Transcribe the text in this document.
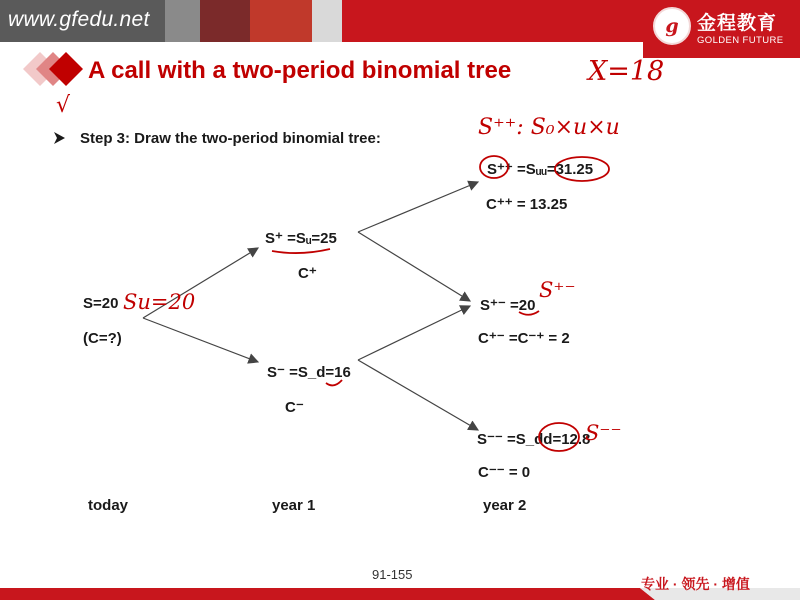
www.gfedu.net	g 金程教育
GOLDEN FUTURE
A call with a two-period binomial tree
Step 3: Draw the two-period binomial tree:
S=20
(C=?)
S⁺ =Sᵤ=25
C⁺
S⁻ =S_d=16
C⁻
S⁺⁺ =Sᵤᵤ=31.25
C⁺⁺ = 13.25
S⁺⁻ =20
C⁺⁻ =C⁻⁺ = 2
S⁻⁻ =S_dd=12.8
C⁻⁻ = 0
today	year 1	year 2
X=18
S⁺⁺: S₀×u×u
Su=20	S⁺⁻
S⁻⁻
√
91-155
专业 · 领先 · 增值
